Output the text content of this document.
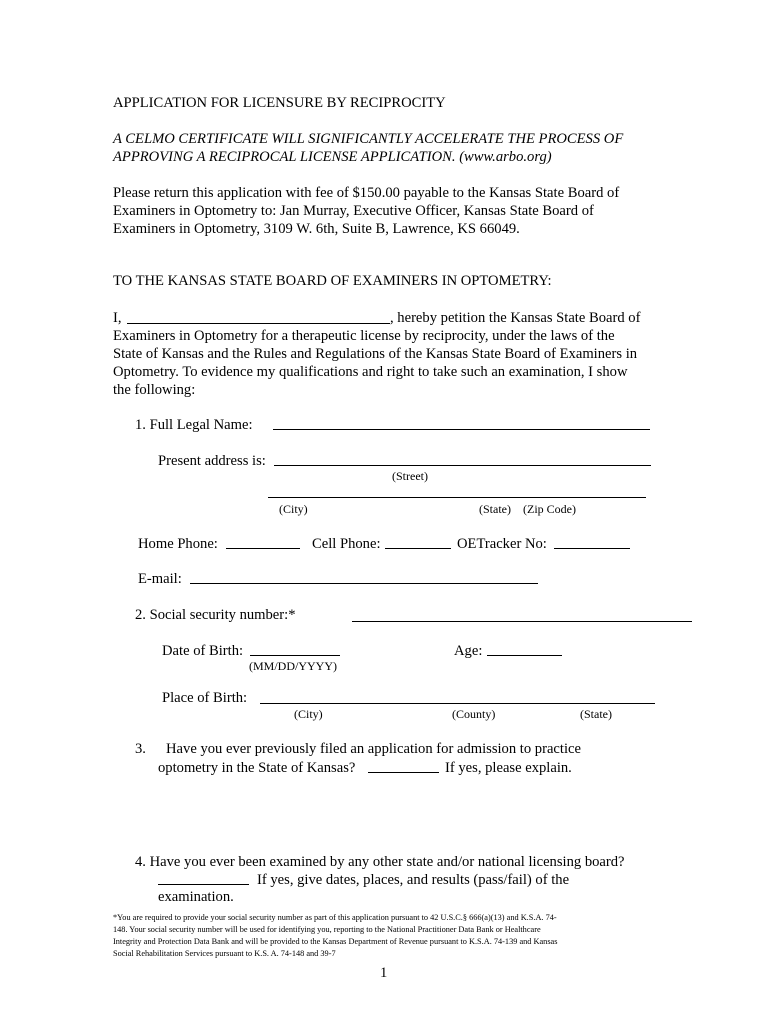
APPLICATION FOR LICENSURE BY RECIPROCITY
A CELMO CERTIFICATE WILL SIGNIFICANTLY ACCELERATE THE PROCESS OF
APPROVING A RECIPROCAL LICENSE APPLICATION. (www.arbo.org)
Please return this application with fee of $150.00 payable to the Kansas State Board of
Examiners in Optometry to: Jan Murray, Executive Officer, Kansas State Board of
Examiners in Optometry, 3109 W. 6th, Suite B, Lawrence, KS 66049.
TO THE KANSAS STATE BOARD OF EXAMINERS IN OPTOMETRY:
I,	, hereby petition the Kansas State Board of
Examiners in Optometry for a therapeutic license by reciprocity, under the laws of the
State of Kansas and the Rules and Regulations of the Kansas State Board of Examiners in
Optometry. To evidence my qualifications and right to take such an examination, I show
the following:
1. Full Legal Name:
Present address is:
(Street)
(City)	(State)    (Zip Code)
Home Phone:	Cell Phone:	OETracker No:
E-mail:
2. Social security number:*
Date of Birth:
(MM/DD/YYYY)
Age:
Place of Birth:
(City)	(County)	(State)
3. Have you ever previously filed an application for admission to practice
optometry in the State of Kansas?	If yes, please explain.
4. Have you ever been examined by any other state and/or national licensing board?
If yes, give dates, places, and results (pass/fail) of the
examination.
*You are required to provide your social security number as part of this application pursuant to 42 U.S.C.§ 666(a)(13) and K.S.A. 74-
148. Your social security number will be used for identifying you, reporting to the National Practitioner Data Bank or Healthcare
Integrity and Protection Data Bank and will be provided to the Kansas Department of Revenue pursuant to K.S.A. 74-139 and Kansas
Social Rehabilitation Services pursuant to K.S. A. 74-148 and 39-7
1
